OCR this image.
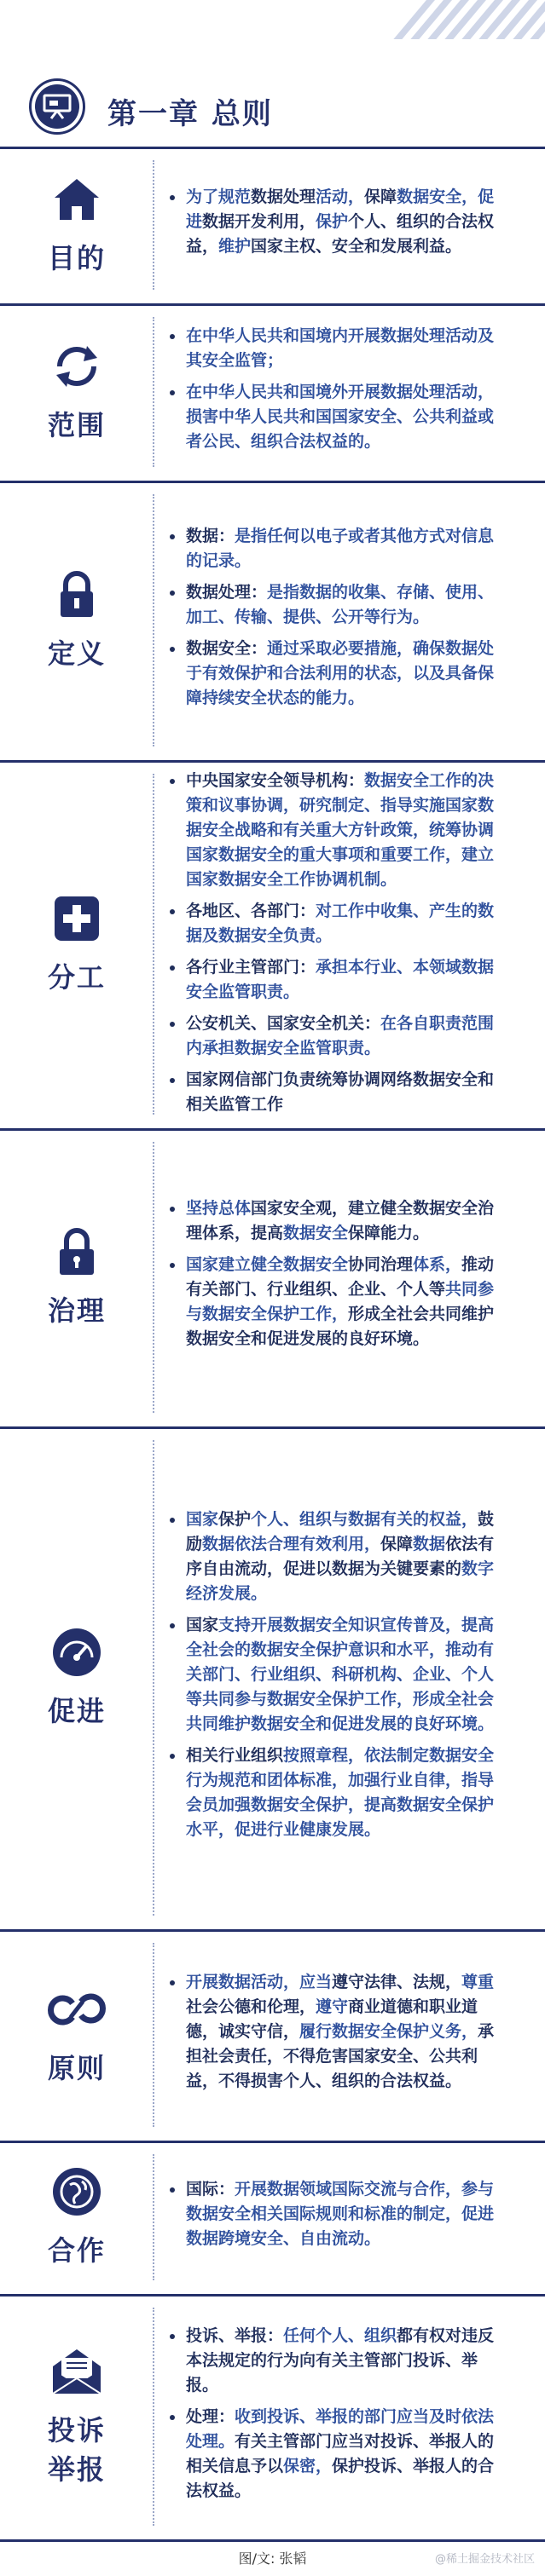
第一章 总则
目的
为了规范数据处理活动，保障数据安全，促进数据开发利用，保护个人、组织的合法权益，维护国家主权、安全和发展利益。
范围
在中华人民共和国境内开展数据处理活动及其安全监管；
在中华人民共和国境外开展数据处理活动，损害中华人民共和国国家安全、公共利益或者公民、组织合法权益的。
定义
数据：是指任何以电子或者其他方式对信息的记录。
数据处理：是指数据的收集、存储、使用、加工、传输、提供、公开等行为。
数据安全：通过采取必要措施，确保数据处于有效保护和合法利用的状态，以及具备保障持续安全状态的能力。
分工
中央国家安全领导机构：数据安全工作的决策和议事协调，研究制定、指导实施国家数据安全战略和有关重大方针政策，统筹协调国家数据安全的重大事项和重要工作，建立国家数据安全工作协调机制。
各地区、各部门：对工作中收集、产生的数据及数据安全负责。
各行业主管部门：承担本行业、本领域数据安全监管职责。
公安机关、国家安全机关：在各自职责范围内承担数据安全监管职责。
国家网信部门负责统筹协调网络数据安全和相关监管工作
治理
坚持总体国家安全观，建立健全数据安全治理体系，提高数据安全保障能力。
国家建立健全数据安全协同治理体系，推动有关部门、行业组织、企业、个人等共同参与数据安全保护工作，形成全社会共同维护数据安全和促进发展的良好环境。
促进
国家保护个人、组织与数据有关的权益，鼓励数据依法合理有效利用，保障数据依法有序自由流动，促进以数据为关键要素的数字经济发展。
国家支持开展数据安全知识宣传普及，提高全社会的数据安全保护意识和水平，推动有关部门、行业组织、科研机构、企业、个人等共同参与数据安全保护工作，形成全社会共同维护数据安全和促进发展的良好环境。
相关行业组织按照章程，依法制定数据安全行为规范和团体标准，加强行业自律，指导会员加强数据安全保护，提高数据安全保护水平，促进行业健康发展。
原则
开展数据活动，应当遵守法律、法规，尊重社会公德和伦理，遵守商业道德和职业道德，诚实守信，履行数据安全保护义务，承担社会责任，不得危害国家安全、公共利益，不得损害个人、组织的合法权益。
合作
国际：开展数据领域国际交流与合作，参与数据安全相关国际规则和标准的制定，促进数据跨境安全、自由流动。
投诉
举报
投诉、举报：任何个人、组织都有权对违反本法规定的行为向有关主管部门投诉、举报。
处理：收到投诉、举报的部门应当及时依法处理。有关主管部门应当对投诉、举报人的相关信息予以保密，保护投诉、举报人的合法权益。
图/文: 张韬	@稀土掘金技术社区
